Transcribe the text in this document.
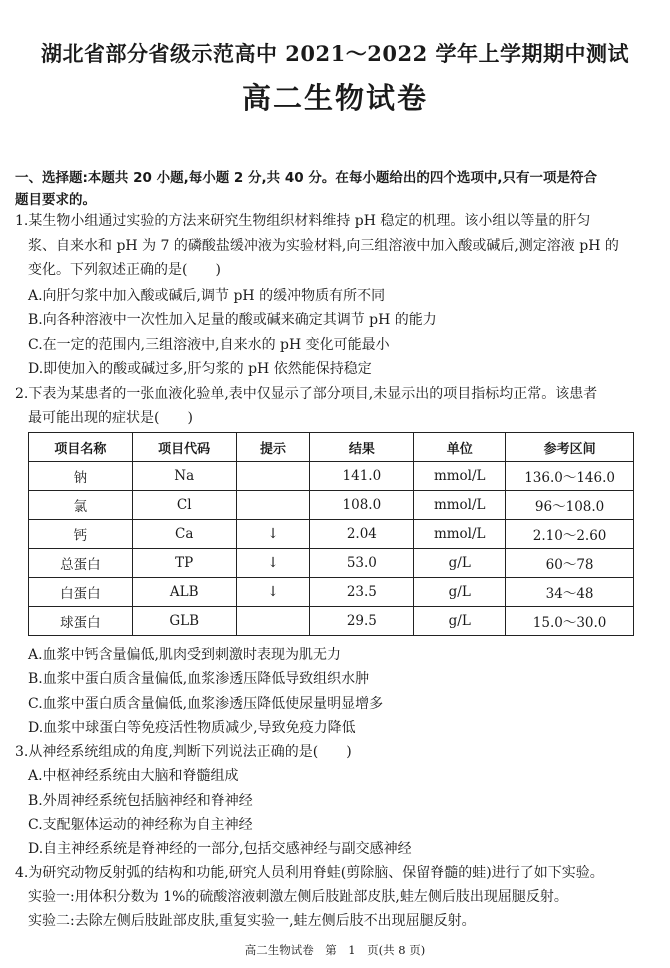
湖北省部分省级示范高中 2021～2022 学年上学期期中测试
高二生物试卷
一、选择题:本题共 20 小题,每小题 2 分,共 40 分。在每小题给出的四个选项中,只有一项是符合
题目要求的。
1.某生物小组通过实验的方法来研究生物组织材料维持 pH 稳定的机理。该小组以等量的肝匀
浆、自来水和 pH 为 7 的磷酸盐缓冲液为实验材料,向三组溶液中加入酸或碱后,测定溶液 pH 的
变化。下列叙述正确的是(　　)
A.向肝匀浆中加入酸或碱后,调节 pH 的缓冲物质有所不同
B.向各种溶液中一次性加入足量的酸或碱来确定其调节 pH 的能力
C.在一定的范围内,三组溶液中,自来水的 pH 变化可能最小
D.即使加入的酸或碱过多,肝匀浆的 pH 依然能保持稳定
2.下表为某患者的一张血液化验单,表中仅显示了部分项目,未显示出的项目指标均正常。该患者
最可能出现的症状是(　　)
项目名称	项目代码	提示	结果	单位	参考区间
钠	Na		141.0	mmol/L	136.0～146.0
氯	Cl		108.0	mmol/L	96～108.0
钙	Ca	↓	2.04	mmol/L	2.10～2.60
总蛋白	TP	↓	53.0	g/L	60～78
白蛋白	ALB	↓	23.5	g/L	34～48
球蛋白	GLB		29.5	g/L	15.0～30.0
A.血浆中钙含量偏低,肌肉受到刺激时表现为肌无力
B.血浆中蛋白质含量偏低,血浆渗透压降低导致组织水肿
C.血浆中蛋白质含量偏低,血浆渗透压降低使尿量明显增多
D.血浆中球蛋白等免疫活性物质减少,导致免疫力降低
3.从神经系统组成的角度,判断下列说法正确的是(　　)
A.中枢神经系统由大脑和脊髓组成
B.外周神经系统包括脑神经和脊神经
C.支配躯体运动的神经称为自主神经
D.自主神经系统是脊神经的一部分,包括交感神经与副交感神经
4.为研究动物反射弧的结构和功能,研究人员利用脊蛙(剪除脑、保留脊髓的蛙)进行了如下实验。
实验一:用体积分数为 1%的硫酸溶液刺激左侧后肢趾部皮肤,蛙左侧后肢出现屈腿反射。
实验二:去除左侧后肢趾部皮肤,重复实验一,蛙左侧后肢不出现屈腿反射。
高二生物试卷　第　1　页(共 8 页)
